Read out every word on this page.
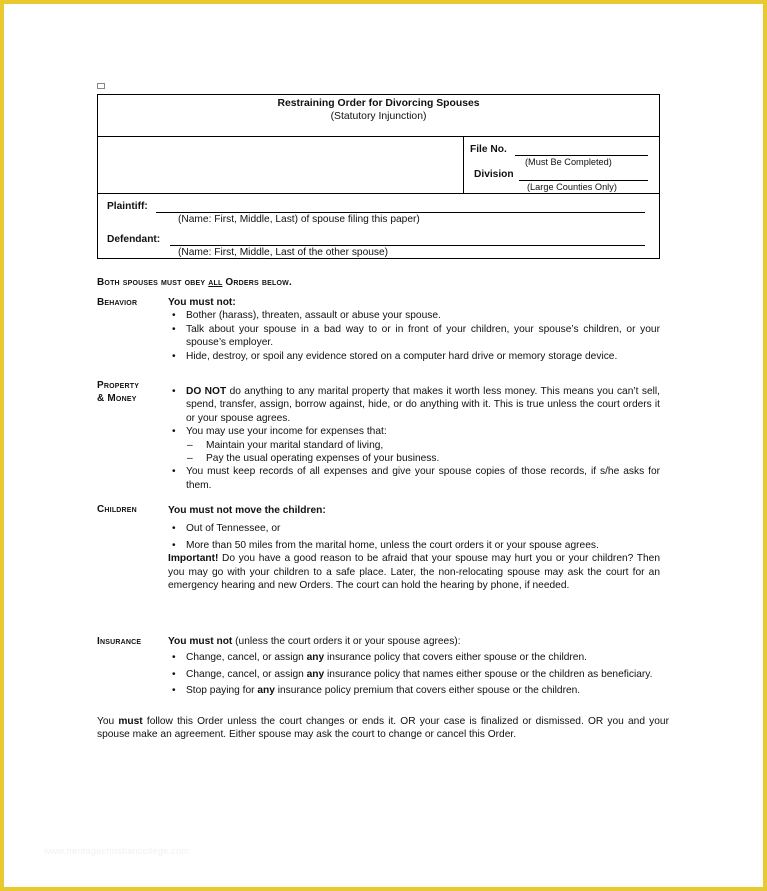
Restraining Order for Divorcing Spouses
(Statutory Injunction)

File No.
(Must Be Completed)
Division
(Large Counties Only)

Plaintiff:
(Name: First, Middle, Last) of spouse filing this paper)
Defendant:
(Name: First, Middle, Last of the other spouse)
Both spouses must obey all Orders below.
Behavior	You must not:
• Bother (harass), threaten, assault or abuse your spouse.
• Talk about your spouse in a bad way to or in front of your children, your spouse’s children, or your spouse’s employer.
• Hide, destroy, or spoil any evidence stored on a computer hard drive or memory storage device.
Property
& Money
• DO NOT do anything to any marital property that makes it worth less money. This means you can’t sell, spend, transfer, assign, borrow against, hide, or do anything with it. This is true unless the court orders it or your spouse agrees.
• You may use your income for expenses that:
– Maintain your marital standard of living,
– Pay the usual operating expenses of your business.
• You must keep records of all expenses and give your spouse copies of those records, if s/he asks for them.
Children	You must not move the children:
• Out of Tennessee, or
• More than 50 miles from the marital home, unless the court orders it or your spouse agrees.
Important! Do you have a good reason to be afraid that your spouse may hurt you or your children? Then you may go with your children to a safe place. Later, the non-relocating spouse may ask the court for an emergency hearing and new Orders. The court can hold the hearing by phone, if needed.
Insurance	You must not (unless the court orders it or your spouse agrees):
• Change, cancel, or assign any insurance policy that covers either spouse or the children.
• Change, cancel, or assign any insurance policy that names either spouse or the children as beneficiary.
• Stop paying for any insurance policy premium that covers either spouse or the children.
You must follow this Order unless the court changes or ends it. OR your case is finalized or dismissed. OR you and your spouse make an agreement. Either spouse may ask the court to change or cancel this Order.
www.heritagechristiancollege.com
